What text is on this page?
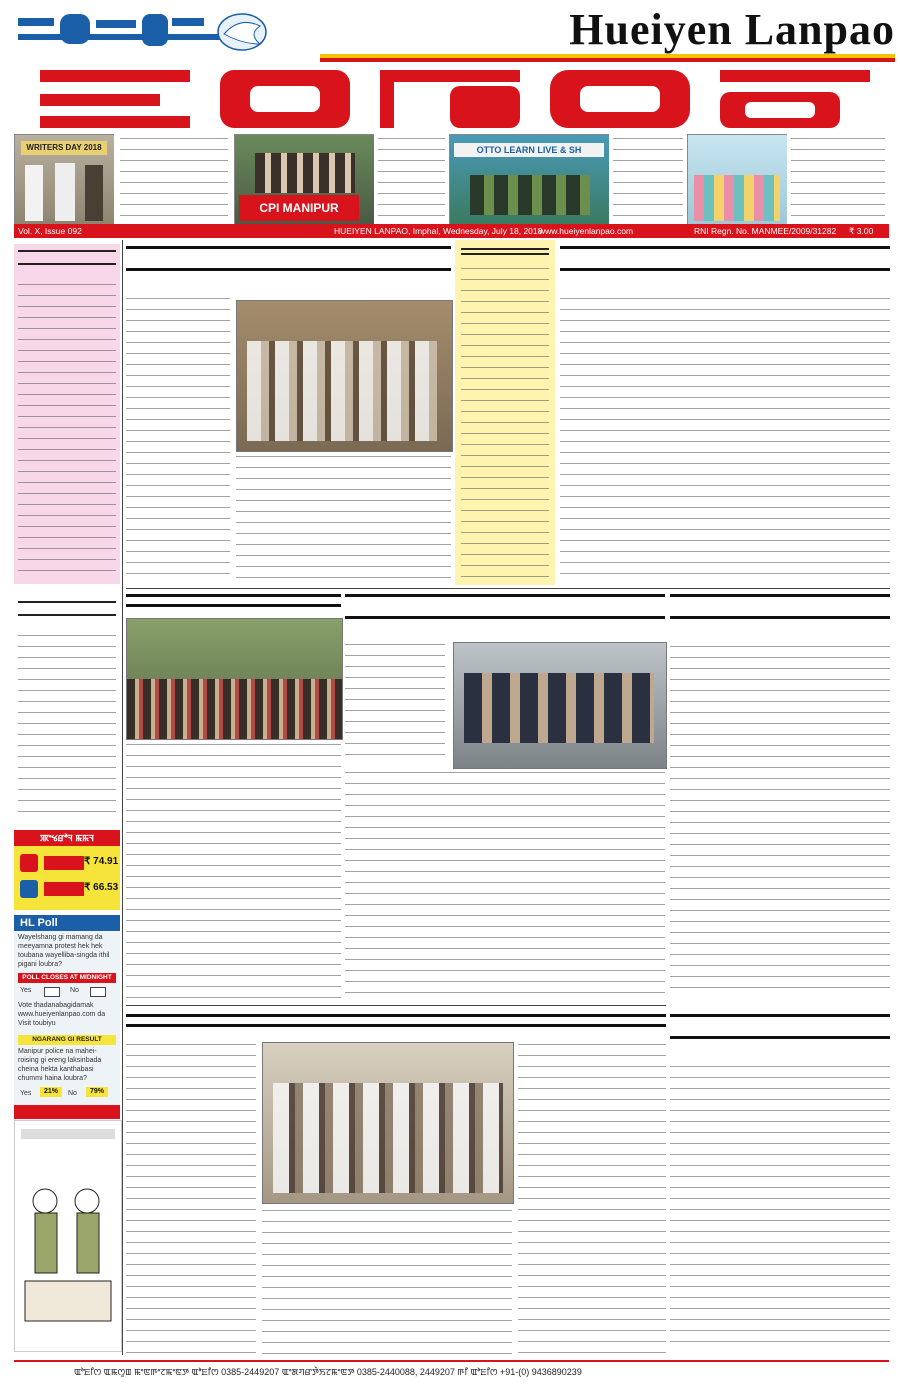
Hueiyen Lanpao
WRITERS DAY 2018
CPI MANIPUR
OTTO LEARN LIVE & SH
Vol. X, Issue 092	HUEIYEN LANPAO, Imphal, Wednesday, July 18, 2018
www.hueiyenlanpao.com	RNI Regn. No. MANMEE/2009/31282 ₹ 3.00
ꯄꯦꯠꯔꯣꯜ ꯃꯃꯜ
₹ 74.91
₹ 66.53
HL Poll
Wayelshang gi mamang da meeyamna protest hek hek toubana wayelliba-singda ithil pigani loubra?
POLL CLOSES AT MIDNIGHT
Yes	No
Vote thadanabagidamak www.hueiyenlanpao.com da Visit toubiyu
NGARANG GI RESULT
Manipur police na mahei-roising gi ereng laksinbada cheina hekta kanthabasi chummi haina loubra?
Yes	21%	No	79%
ꯑꯣꯐꯤꯁ ꯑꯃꯁꯨꯡ ꯃꯦꯟꯒꯦꯖꯃꯦꯟꯇ ꯑꯣꯐꯤꯁ 0385-2449207 ꯑꯦꯗꯚꯔꯇꯥꯏꯖꯃꯦꯟꯇ 0385-2440088, 2449207 ꯒꯤ ꯑꯣꯐꯤꯁ +91-(0) 9436890239
